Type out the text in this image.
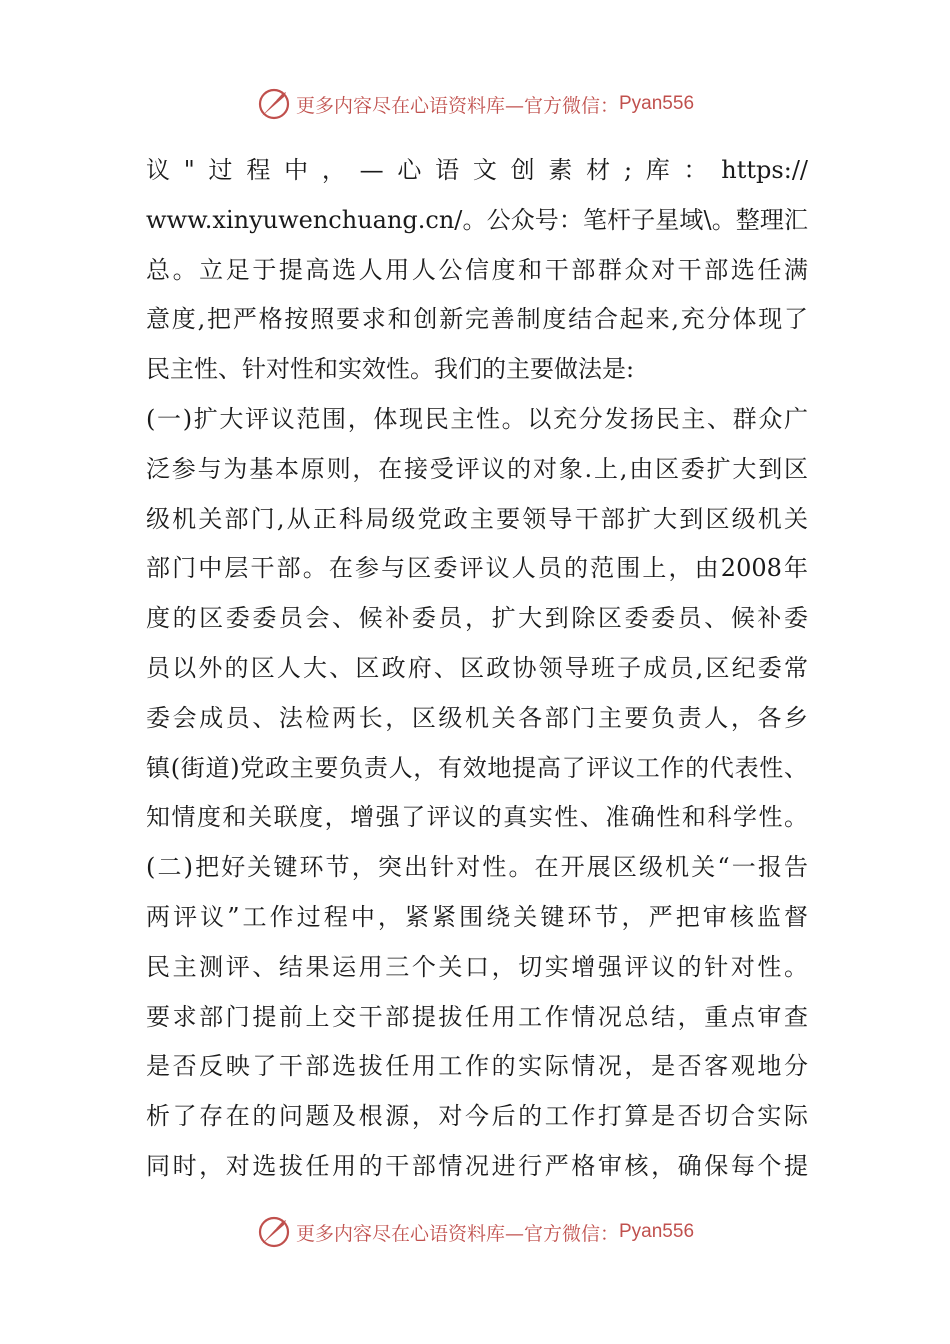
更多内容尽在心语资料库—官方微信： Pyan556
议"过程中，—心语文创素材;库：https://
www.xinyuwenchuang.cn/。公众号：笔杆子星域\。整理汇
总。立足于提高选人用人公信度和干部群众对干部选任满
意度,把严格按照要求和创新完善制度结合起来,充分体现了
民主性、针对性和实效性。我们的主要做法是:
(一)扩大评议范围，体现民主性。以充分发扬民主、群众广
泛参与为基本原则，在接受评议的对象.上,由区委扩大到区
级机关部门,从正科局级党政主要领导干部扩大到区级机关
部门中层干部。在参与区委评议人员的范围上，由2008年
度的区委委员会、候补委员，扩大到除区委委员、候补委
员以外的区人大、区政府、区政协领导班子成员,区纪委常
委会成员、法检两长，区级机关各部门主要负责人，各乡
镇(街道)党政主要负责人，有效地提高了评议工作的代表性、
知情度和关联度，增强了评议的真实性、准确性和科学性。
(二)把好关键环节，突出针对性。在开展区级机关“一报告
两评议”工作过程中，紧紧围绕关键环节，严把审核监督
民主测评、结果运用三个关口，切实增强评议的针对性。
要求部门提前上交干部提拔任用工作情况总结，重点审查
是否反映了干部选拔任用工作的实际情况，是否客观地分
析了存在的问题及根源，对今后的工作打算是否切合实际
同时，对选拔任用的干部情况进行严格审核，确保每个提
更多内容尽在心语资料库—官方微信： Pyan556
